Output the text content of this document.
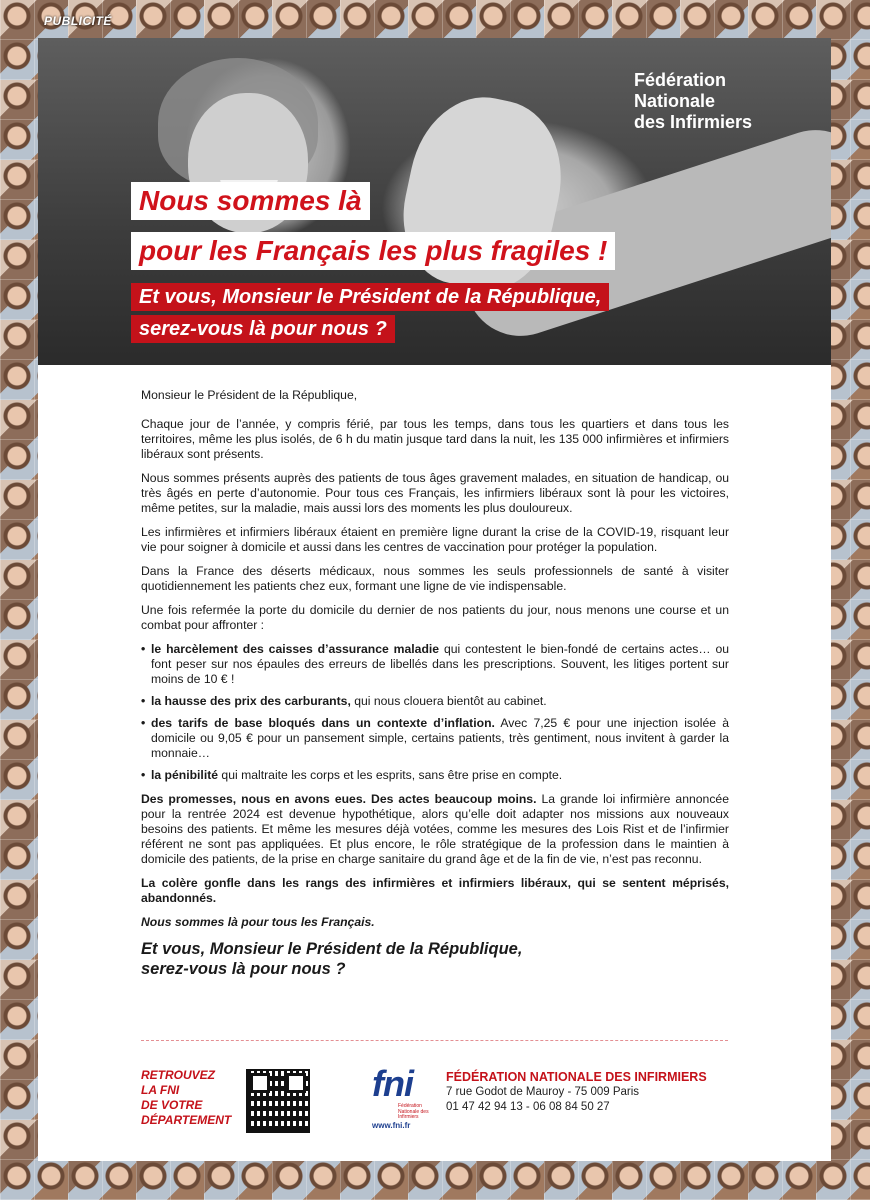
PUBLICITÉ
Fédération
Nationale
des Infirmiers
Nous sommes là
pour les Français les plus fragiles !
Et vous, Monsieur le Président de la République,
serez-vous là pour nous ?

Monsieur le Président de la République,

Chaque jour de l’année, y compris férié, par tous les temps, dans tous les quartiers et dans tous les territoires, même les plus isolés, de 6 h du matin jusque tard dans la nuit, les 135 000 infirmières et infirmiers libéraux sont présents.

Nous sommes présents auprès des patients de tous âges gravement malades, en situation de handicap, ou très âgés en perte d’autonomie. Pour tous ces Français, les infirmiers libéraux sont là pour les victoires, même petites, sur la maladie, mais aussi lors des moments les plus douloureux.

Les infirmières et infirmiers libéraux étaient en première ligne durant la crise de la COVID-19, risquant leur vie pour soigner à domicile et aussi dans les centres de vaccination pour protéger la population.

Dans la France des déserts médicaux, nous sommes les seuls professionnels de santé à visiter quotidiennement les patients chez eux, formant une ligne de vie indispensable.

Une fois refermée la porte du domicile du dernier de nos patients du jour, nous menons une course et un combat pour affronter :

• le harcèlement des caisses d’assurance maladie qui contestent le bien-fondé de certains actes… ou font peser sur nos épaules des erreurs de libellés dans les prescriptions. Souvent, les litiges portent sur moins de 10 € !
• la hausse des prix des carburants, qui nous clouera bientôt au cabinet.
• des tarifs de base bloqués dans un contexte d’inflation. Avec 7,25 € pour une injection isolée à domicile ou 9,05 € pour un pansement simple, certains patients, très gentiment, nous invitent à garder la monnaie…
• la pénibilité qui maltraite les corps et les esprits, sans être prise en compte.

Des promesses, nous en avons eues. Des actes beaucoup moins. La grande loi infirmière annoncée pour la rentrée 2024 est devenue hypothétique, alors qu’elle doit adapter nos missions aux nouveaux besoins des patients. Et même les mesures déjà votées, comme les mesures des Lois Rist et de l’infirmier référent ne sont pas appliquées. Et plus encore, le rôle stratégique de la profession dans le maintien à domicile des patients, de la prise en charge sanitaire du grand âge et de la fin de vie, n’est pas reconnu.

La colère gonfle dans les rangs des infirmières et infirmiers libéraux, qui se sentent méprisés, abandonnés.

Nous sommes là pour tous les Français.

Et vous, Monsieur le Président de la République,
serez-vous là pour nous ?
RETROUVEZ
LA FNI
DE VOTRE
DÉPARTEMENT
fni
Fédération Nationale des Infirmiers
www.fni.fr
FÉDÉRATION NATIONALE DES INFIRMIERS
7 rue Godot de Mauroy - 75 009 Paris
01 47 42 94 13 - 06 08 84 50 27
